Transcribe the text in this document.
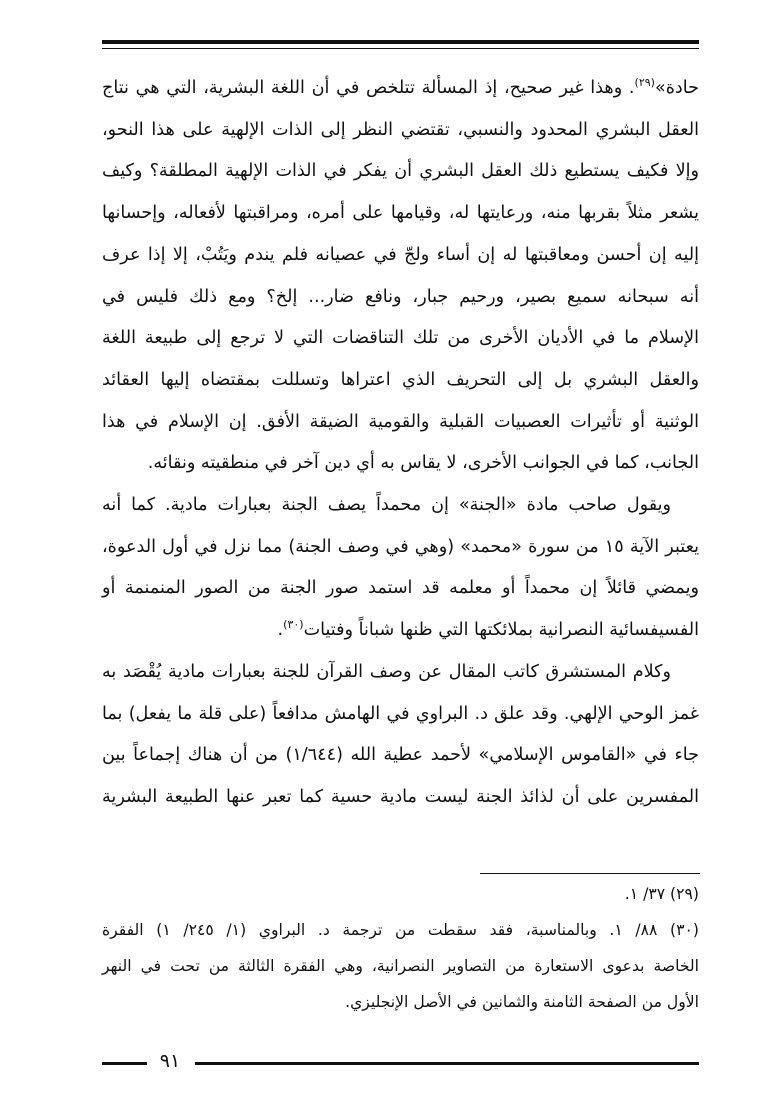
حادة»$^{(٢٩)}$. وهذا غير صحيح، إذ المسألة تتلخص في أن اللغة البشرية، التي هي نتاج

العقل البشري المحدود والنسبي، تقتضي النظر إلى الذات الإلهية على هذا النحو،

وإلا فكيف يستطيع ذلك العقل البشري أن يفكر في الذات الإلهية المطلقة؟ وكيف

يشعر مثلاً بقربها منه، ورعايتها له، وقيامها على أمره، ومراقبتها لأفعاله، وإحسانها

إليه إن أحسن ومعاقبتها له إن أساء ولجّ في عصيانه فلم يندم ويَتُبْ، إلا إذا عرف

أنه سبحانه سميع بصير، ورحيم جبار، ونافع ضار... إلخ؟ ومع ذلك فليس في

الإسلام ما في الأديان الأخرى من تلك التناقضات التي لا ترجع إلى طبيعة اللغة

والعقل البشري بل إلى التحريف الذي اعتراها وتسللت بمقتضاه إليها العقائد

الوثنية أو تأثيرات العصبيات القبلية والقومية الضيقة الأفق. إن الإسلام في هذا

الجانب، كما في الجوانب الأخرى، لا يقاس به أي دين آخر في منطقيته ونقائه.

ويقول صاحب مادة «الجنة» إن محمداً يصف الجنة بعبارات مادية. كما أنه

يعتبر الآية ١٥ من سورة «محمد» (وهي في وصف الجنة) مما نزل في أول الدعوة،

ويمضي قائلاً إن محمداً أو معلمه قد استمد صور الجنة من الصور المنمنمة أو

الفسيفسائية النصرانية بملائكتها التي ظنها شباناً وفتيات$^{(٣٠)}$.

وكلام المستشرق كاتب المقال عن وصف القرآن للجنة بعبارات مادية يُقْصَد به

غمز الوحي الإلهي. وقد علق د. البراوي في الهامش مدافعاً (على قلة ما يفعل) بما

جاء في «القاموس الإسلامي» لأحمد عطية الله (١/٦٤٤) من أن هناك إجماعاً بين

المفسرين على أن لذائذ الجنة ليست مادية حسية كما تعبر عنها الطبيعة البشرية

(٢٩) ٣٧/ ١.

(٣٠) ٨٨/ ١. وبالمناسبة، فقد سقطت من ترجمة د. البراوي (١/ ٢٤٥/ ١) الفقرة

الخاصة بدعوى الاستعارة من التصاوير النصرانية، وهي الفقرة الثالثة من تحت في النهر

الأول من الصفحة الثامنة والثمانين في الأصل الإنجليزي.

٩١
